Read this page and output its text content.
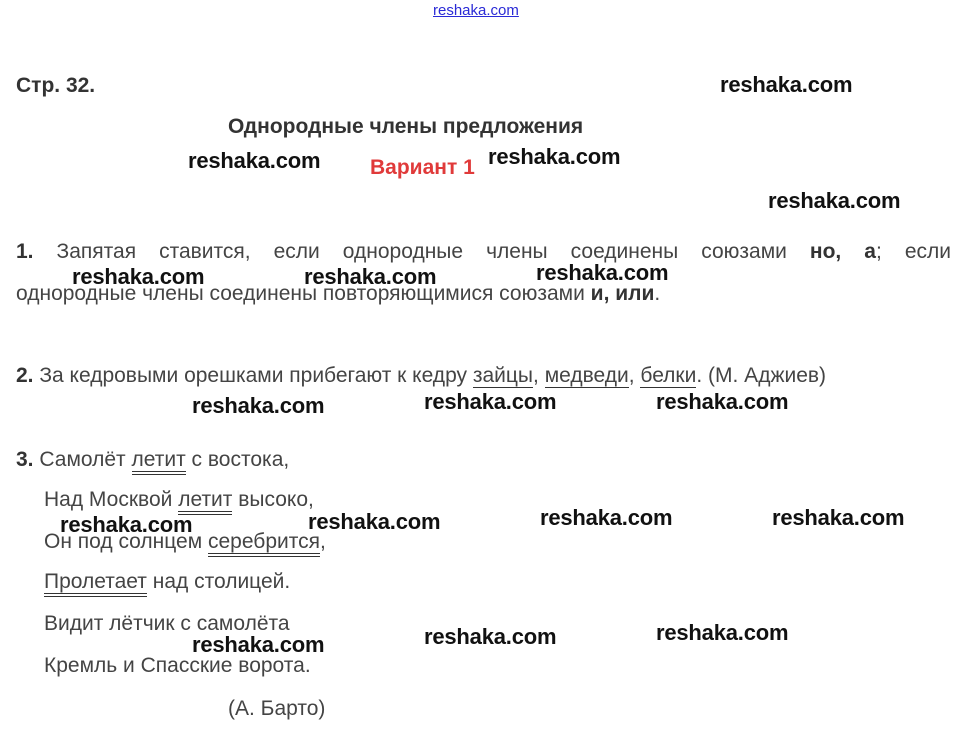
reshaka.com
Стр. 32.
Однородные члены предложения
Вариант 1
1. Запятая ставится, если однородные члены соединены союзами но, а; если
однородные члены соединены повторяющимися союзами и, или.
2. За кедровыми орешками прибегают к кедру зайцы, медведи, белки. (М. Аджиев)
3. Самолёт летит с востока,
Над Москвой летит высоко,
Он под солнцем серебрится,
Пролетает над столицей.
Видит лётчик с самолёта
Кремль и Спасские ворота.
(А. Барто)
reshaka.com
reshaka.com	reshaka.com
reshaka.com
reshaka.com	reshaka.com	reshaka.com
reshaka.com	reshaka.com	reshaka.com
reshaka.com	reshaka.com	reshaka.com	reshaka.com
reshaka.com	reshaka.com	reshaka.com
